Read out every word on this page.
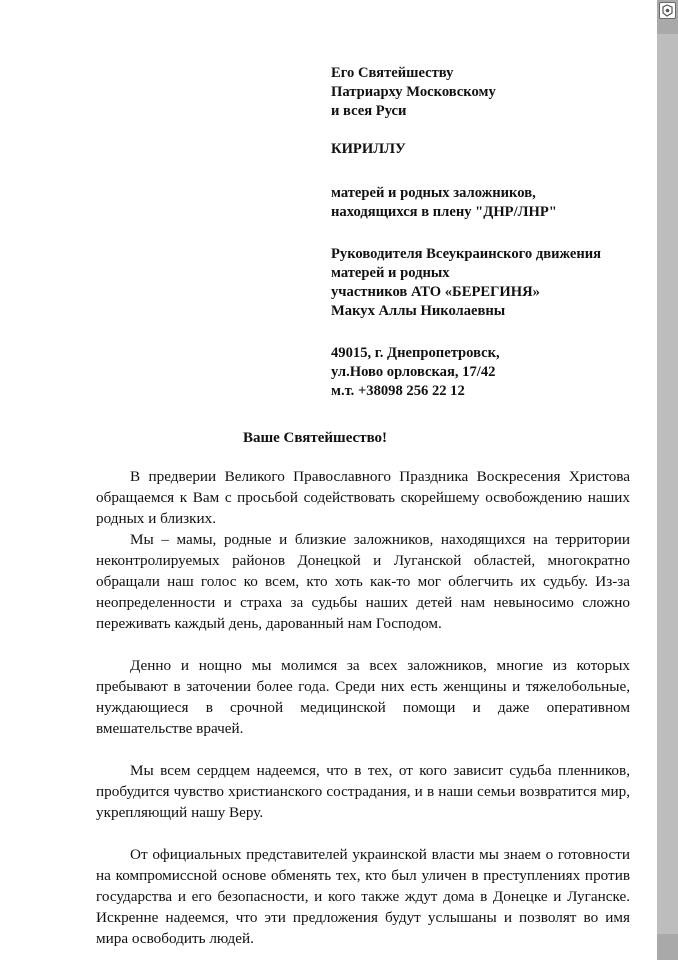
Его Святейшеству
Патриарху Московскому
и всея Руси
КИРИЛЛУ
матерей и родных заложников,
находящихся в плену "ДНР/ЛНР"
Руководителя Всеукраинского движения
матерей и родных
участников АТО «БЕРЕГИНЯ»
Макух Аллы Николаевны
49015, г. Днепропетровск,
ул.Ново орловская, 17/42
м.т. +38098 256 22 12
Ваше Святейшество!

В предверии Великого Православного Праздника Воскресения Христова обращаемся к Вам с просьбой содействовать скорейшему освобождению наших родных и близких.

Мы – мамы, родные и близкие заложников, находящихся на территории неконтролируемых районов Донецкой и Луганской областей, многократно обращали наш голос ко всем, кто хоть как-то мог облегчить их судьбу. Из-за неопределенности и страха за судьбы наших детей нам невыносимо сложно переживать каждый день, дарованный нам Господом.

Денно и нощно мы молимся за всех заложников, многие из которых пребывают в заточении более года. Среди них есть женщины и тяжелобольные, нуждающиеся в срочной медицинской помощи и даже оперативном вмешательстве врачей.

Мы всем сердцем надеемся, что в тех, от кого зависит судьба пленников, пробудится чувство христианского сострадания, и в наши семьи возвратится мир, укрепляющий нашу Веру.

От официальных представителей украинской власти мы знаем о готовности на компромиссной основе обменять тех, кто был уличен в преступлениях против государства и его безопасности, и кого также ждут дома в Донецке и Луганске. Искренне надеемся, что эти предложения будут услышаны и позволят во имя мира освободить людей.
